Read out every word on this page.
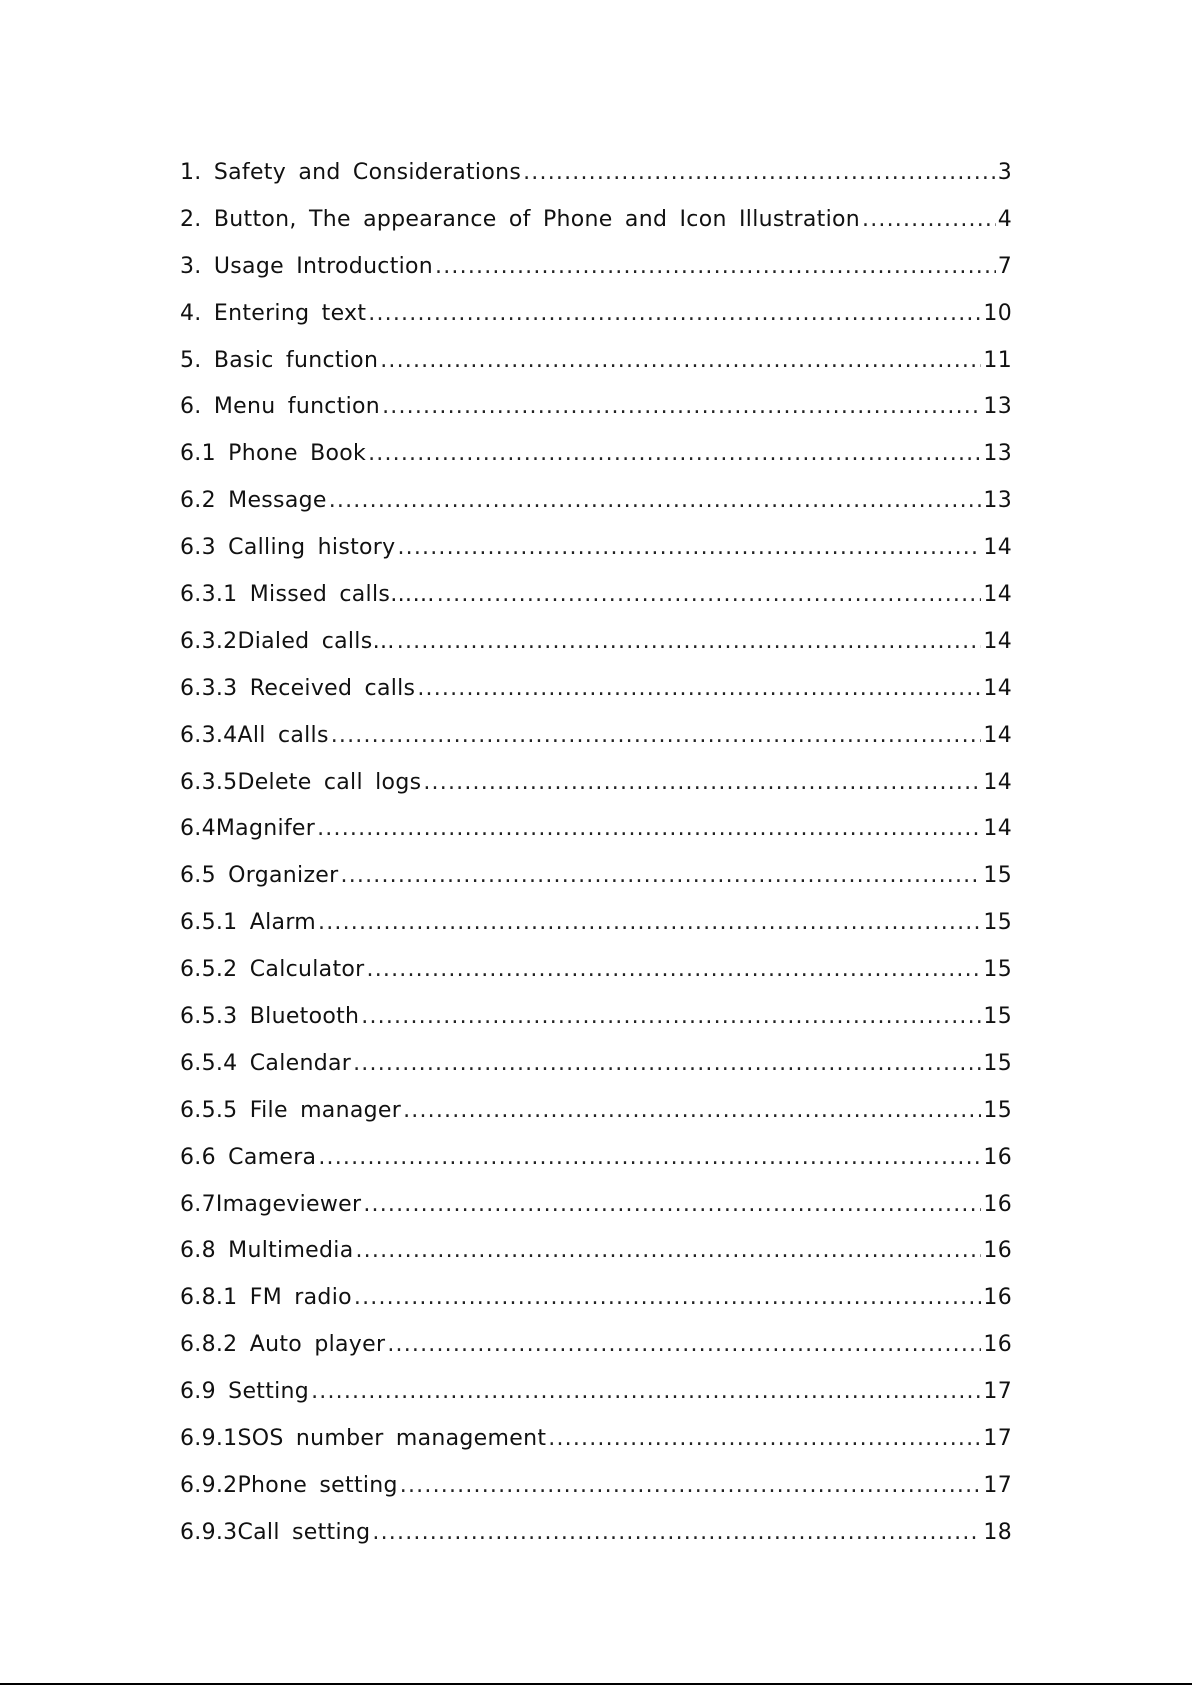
1. Safety and Considerations .....	3
2. Button, The appearance of Phone and Icon Illustration .....	4
3. Usage Introduction .....	7
4. Entering text .....	10
5. Basic function .....	11
6. Menu function .....	13
6.1 Phone Book .....	13
6.2 Message .....	13
6.3 Calling history .....	14
6.3.1 Missed calls…… .....	14
6.3.2Dialed calls… .....	14
6.3.3 Received calls .....	14
6.3.4All calls .....	14
6.3.5Delete call logs .....	14
6.4Magnifer .....	14
6.5 Organizer .....	15
6.5.1 Alarm .....	15
6.5.2 Calculator .....	15
6.5.3 Bluetooth .....	15
6.5.4 Calendar .....	15
6.5.5 File manager .....	15
6.6 Camera .....	16
6.7Imageviewer .....	16
6.8 Multimedia .....	16
6.8.1 FM radio .....	16
6.8.2 Auto player .....	16
6.9 Setting .....	17
6.9.1SOS number management .....	17
6.9.2Phone setting .....	17
6.9.3Call setting .....	18
